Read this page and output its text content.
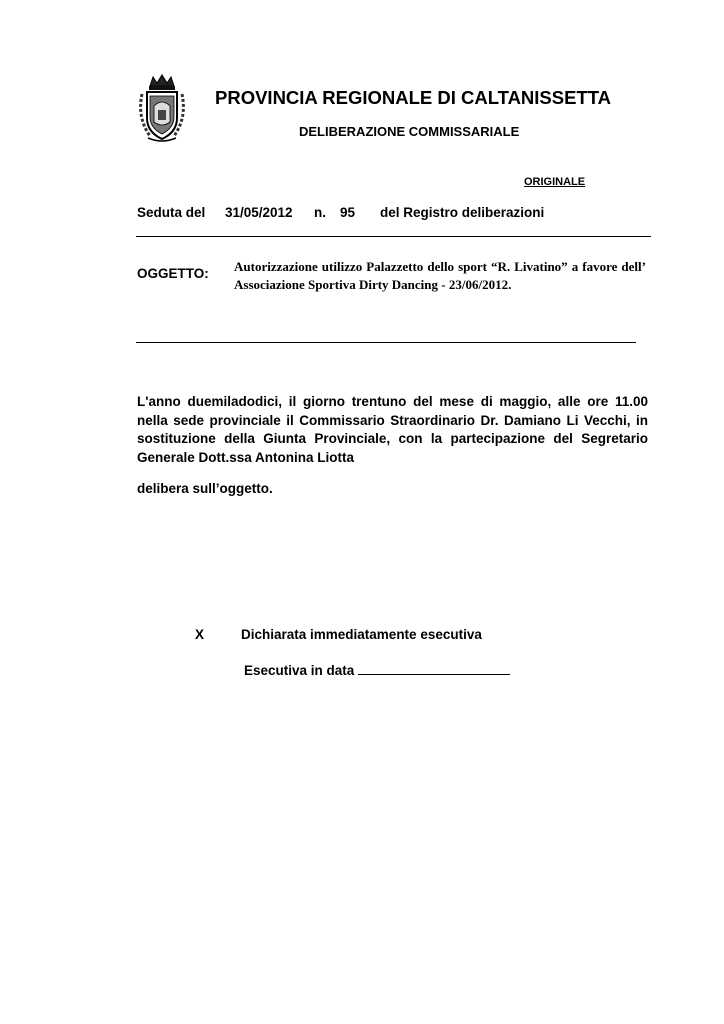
PROVINCIA REGIONALE DI CALTANISSETTA
DELIBERAZIONE COMMISSARIALE
ORIGINALE
Seduta del 31/05/2012 n. 95 del Registro deliberazioni
OGGETTO: Autorizzazione utilizzo Palazzetto dello sport “R. Livatino” a favore dell’ Associazione Sportiva Dirty Dancing - 23/06/2012.
L'anno duemiladodici, il giorno trentuno del mese di maggio, alle ore 11.00 nella sede provinciale il Commissario Straordinario Dr. Damiano Li Vecchi, in sostituzione della Giunta Provinciale, con la partecipazione del Segretario Generale Dott.ssa Antonina Liotta
delibera sull’oggetto.
X	Dichiarata immediatamente esecutiva
Esecutiva in data
